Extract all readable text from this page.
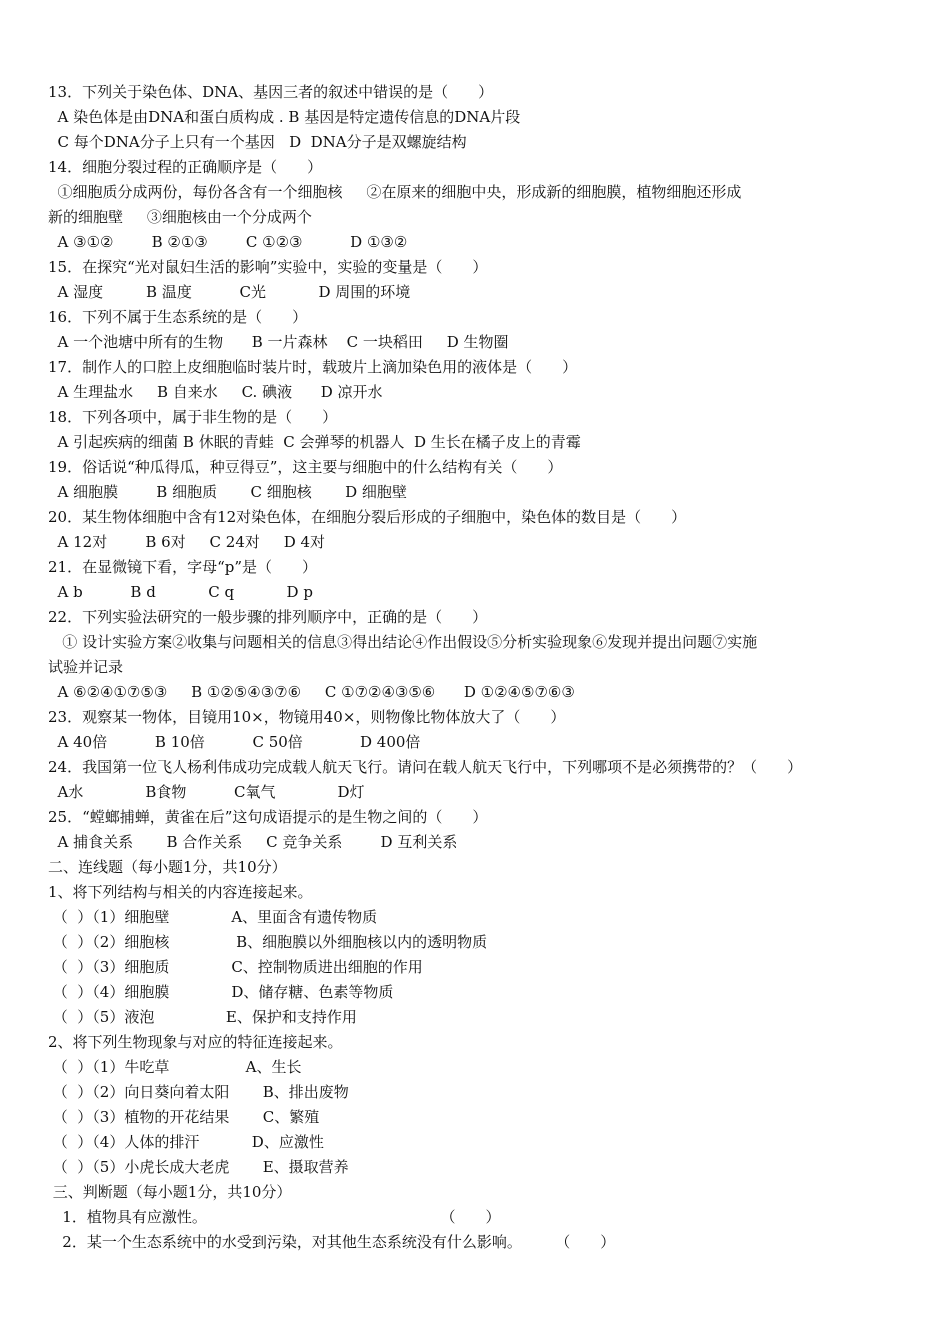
13．下列关于染色体、DNA、基因三者的叙述中错误的是（　　）
A 染色体是由DNA和蛋白质构成 . B 基因是特定遗传信息的DNA片段
C 每个DNA分子上只有一个基因   D  DNA分子是双螺旋结构
14．细胞分裂过程的正确顺序是（　　）
①细胞质分成两份，每份各含有一个细胞核     ②在原来的细胞中央，形成新的细胞膜，植物细胞还形成
新的细胞壁     ③细胞核由一个分成两个
A ③①②        B ②①③        C ①②③          D ①③②
15．在探究“光对鼠妇生活的影响”实验中，实验的变量是（　　）
A 湿度         B 温度          C光           D 周围的环境
16．下列不属于生态系统的是（　　）
A 一个池塘中所有的生物      B 一片森林    C 一块稻田     D 生物圈
17．制作人的口腔上皮细胞临时装片时，载玻片上滴加染色用的液体是（　　）
A 生理盐水     B 自来水     C. 碘液      D 凉开水
18．下列各项中，属于非生物的是（　　）
A 引起疾病的细菌 B 休眠的青蛙  C 会弹琴的机器人  D 生长在橘子皮上的青霉
19．俗话说“种瓜得瓜，种豆得豆”，这主要与细胞中的什么结构有关（　　）
A 细胞膜        B 细胞质       C 细胞核       D 细胞壁
20．某生物体细胞中含有12对染色体，在细胞分裂后形成的子细胞中，染色体的数目是（　　）
A 12对        B 6对     C 24对     D 4对
21．在显微镜下看，字母“p”是（　　）
A b          B d           C q           D p
22．下列实验法研究的一般步骤的排列顺序中，正确的是（　　）
① 设计实验方案②收集与问题相关的信息③得出结论④作出假设⑤分析实验现象⑥发现并提出问题⑦实施
试验并记录
A ⑥②④①⑦⑤③     B ①②⑤④③⑦⑥     C ①⑦②④③⑤⑥      D ①②④⑤⑦⑥③
23．观察某一物体，目镜用10×，物镜用40×，则物像比物体放大了（　　）
A 40倍          B 10倍          C 50倍            D 400倍
24．我国第一位飞人杨利伟成功完成载人航天飞行。请问在载人航天飞行中，下列哪项不是必须携带的？（　　）
A水             B食物          C氧气             D灯
25．“螳螂捕蝉，黄雀在后”这句成语提示的是生物之间的（　　）
A 捕食关系       B 合作关系     C 竞争关系        D 互利关系
二、连线题（每小题1分，共10分）
1、将下列结构与相关的内容连接起来。
（  ）（1）细胞壁             A、里面含有遗传物质
（  ）（2）细胞核              B、细胞膜以外细胞核以内的透明物质
（  ）（3）细胞质             C、控制物质进出细胞的作用
（  ）（4）细胞膜             D、储存糖、色素等物质
（  ）（5）液泡               E、保护和支持作用
2、将下列生物现象与对应的特征连接起来。
（  ）（1）牛吃草                A、生长
（  ）（2）向日葵向着太阳       B、排出废物
（  ）（3）植物的开花结果       C、繁殖
（  ）（4）人体的排汗           D、应激性
（  ）（5）小虎长成大老虎       E、摄取营养
三、判断题（每小题1分，共10分）
1．植物具有应激性。                                                 （　　）
2．某一个生态系统中的水受到污染，对其他生态系统没有什么影响。       （　　）
